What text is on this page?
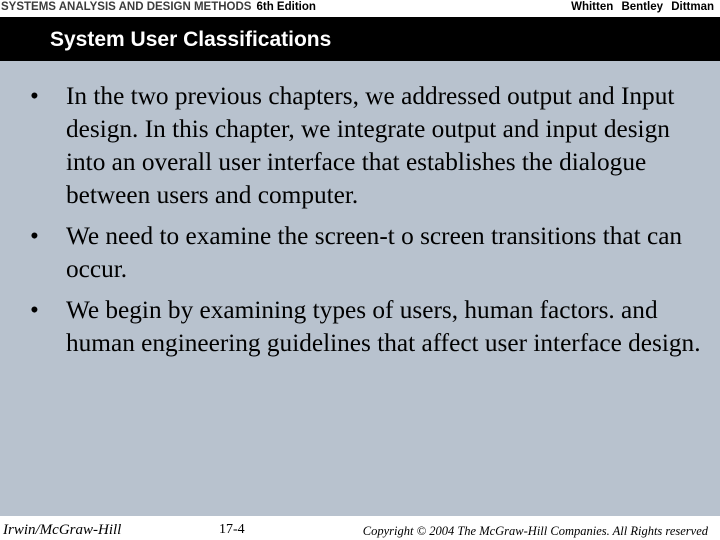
SYSTEMS ANALYSIS AND DESIGN METHODS 6th Edition	Whitten Bentley Dittman
System User Classifications
•	In the two previous chapters, we addressed output and Input design. In this chapter, we integrate output and input design into an overall user interface that establishes the dialogue between users and computer.
•	We need to examine the screen-t o screen transitions that can occur.
•	We begin by examining types of users, human factors. and human engineering guidelines that affect user interface design.
Irwin/McGraw-Hill	17-4	Copyright © 2004 The McGraw-Hill Companies. All Rights reserved
